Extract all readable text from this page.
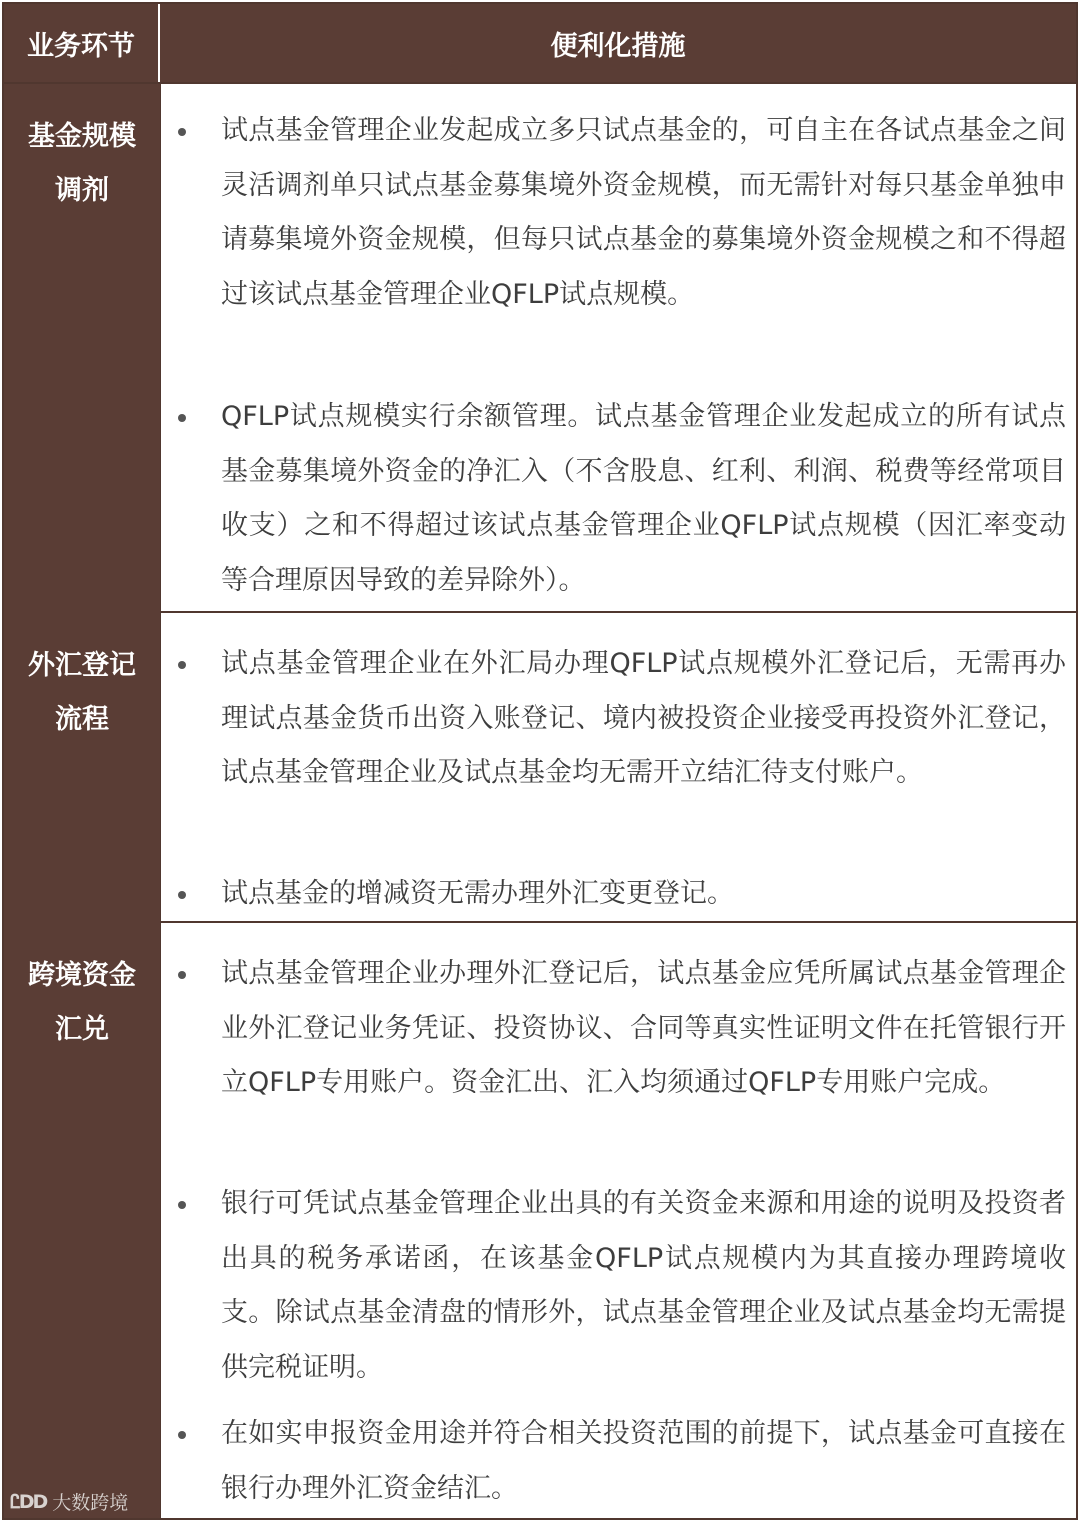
业务环节	便利化措施
基金规模
调剂
试点基金管理企业发起成立多只试点基金的，可自主在各试点基金之间灵活调剂单只试点基金募集境外资金规模，而无需针对每只基金单独申请募集境外资金规模，但每只试点基金的募集境外资金规模之和不得超过该试点基金管理企业QFLP试点规模。
QFLP试点规模实行余额管理。试点基金管理企业发起成立的所有试点基金募集境外资金的净汇入（不含股息、红利、利润、税费等经常项目收支）之和不得超过该试点基金管理企业QFLP试点规模（因汇率变动等合理原因导致的差异除外）。
外汇登记
流程
试点基金管理企业在外汇局办理QFLP试点规模外汇登记后，无需再办理试点基金货币出资入账登记、境内被投资企业接受再投资外汇登记，试点基金管理企业及试点基金均无需开立结汇待支付账户。
试点基金的增减资无需办理外汇变更登记。
跨境资金
汇兑
试点基金管理企业办理外汇登记后，试点基金应凭所属试点基金管理企业外汇登记业务凭证、投资协议、合同等真实性证明文件在托管银行开立QFLP专用账户。资金汇出、汇入均须通过QFLP专用账户完成。
银行可凭试点基金管理企业出具的有关资金来源和用途的说明及投资者出具的税务承诺函，在该基金QFLP试点规模内为其直接办理跨境收支。除试点基金清盘的情形外，试点基金管理企业及试点基金均无需提供完税证明。
在如实申报资金用途并符合相关投资范围的前提下，试点基金可直接在银行办理外汇资金结汇。
ᏝDD 大数跨境
